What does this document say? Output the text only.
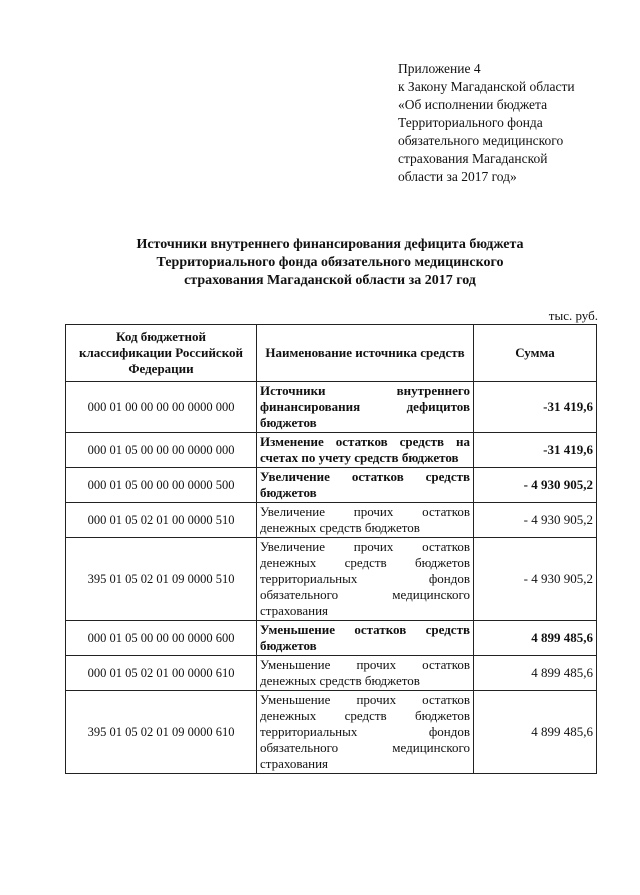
Приложение 4
к Закону Магаданской области
«Об исполнении бюджета
Территориального фонда
обязательного медицинского
страхования Магаданской
области за 2017 год»
Источники внутреннего финансирования дефицита бюджета
Территориального фонда обязательного медицинского
страхования Магаданской области за 2017 год
тыс. руб.
Код бюджетной классификации Российской Федерации	Наименование источника средств	Сумма
000 01 00 00 00 00 0000 000	Источники внутреннего финансирования дефицитов бюджетов	-31 419,6
000 01 05 00 00 00 0000 000	Изменение остатков средств на счетах по учету средств бюджетов	-31 419,6
000 01 05 00 00 00 0000 500	Увеличение остатков средств бюджетов	- 4 930 905,2
000 01 05 02 01 00 0000 510	Увеличение прочих остатков денежных средств бюджетов	- 4 930 905,2
395 01 05 02 01 09 0000 510	Увеличение прочих остатков денежных средств бюджетов территориальных фондов обязательного медицинского страхования	- 4 930 905,2
000 01 05 00 00 00 0000 600	Уменьшение остатков средств бюджетов	4 899 485,6
000 01 05 02 01 00 0000 610	Уменьшение прочих остатков денежных средств бюджетов	4 899 485,6
395 01 05 02 01 09 0000 610	Уменьшение прочих остатков денежных средств бюджетов территориальных фондов обязательного медицинского страхования	4 899 485,6
